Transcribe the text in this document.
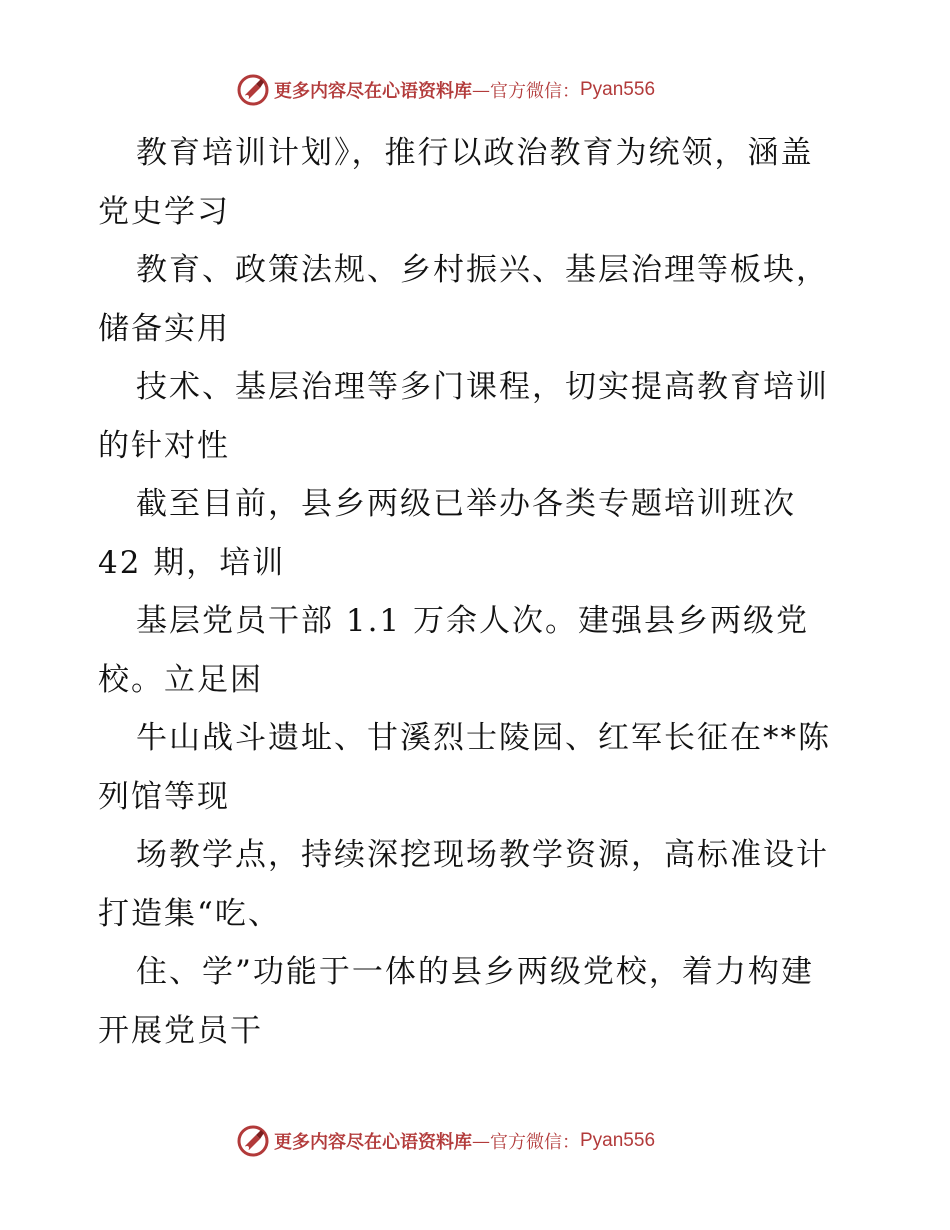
更多内容尽在心语资料库 — 官方微信： Pyan556
教育培训计划》，推行以政治教育为统领，涵盖
党史学习
教育、政策法规、乡村振兴、基层治理等板块，
储备实用
技术、基层治理等多门课程，切实提高教育培训
的针对性
截至目前，县乡两级已举办各类专题培训班次
42 期，培训
基层党员干部 1.1 万余人次。建强县乡两级党
校。立足困
牛山战斗遗址、甘溪烈士陵园、红军长征在**陈
列馆等现
场教学点，持续深挖现场教学资源，高标准设计
打造集“吃、
住、学”功能于一体的县乡两级党校，着力构建
开展党员干
更多内容尽在心语资料库 — 官方微信： Pyan556
